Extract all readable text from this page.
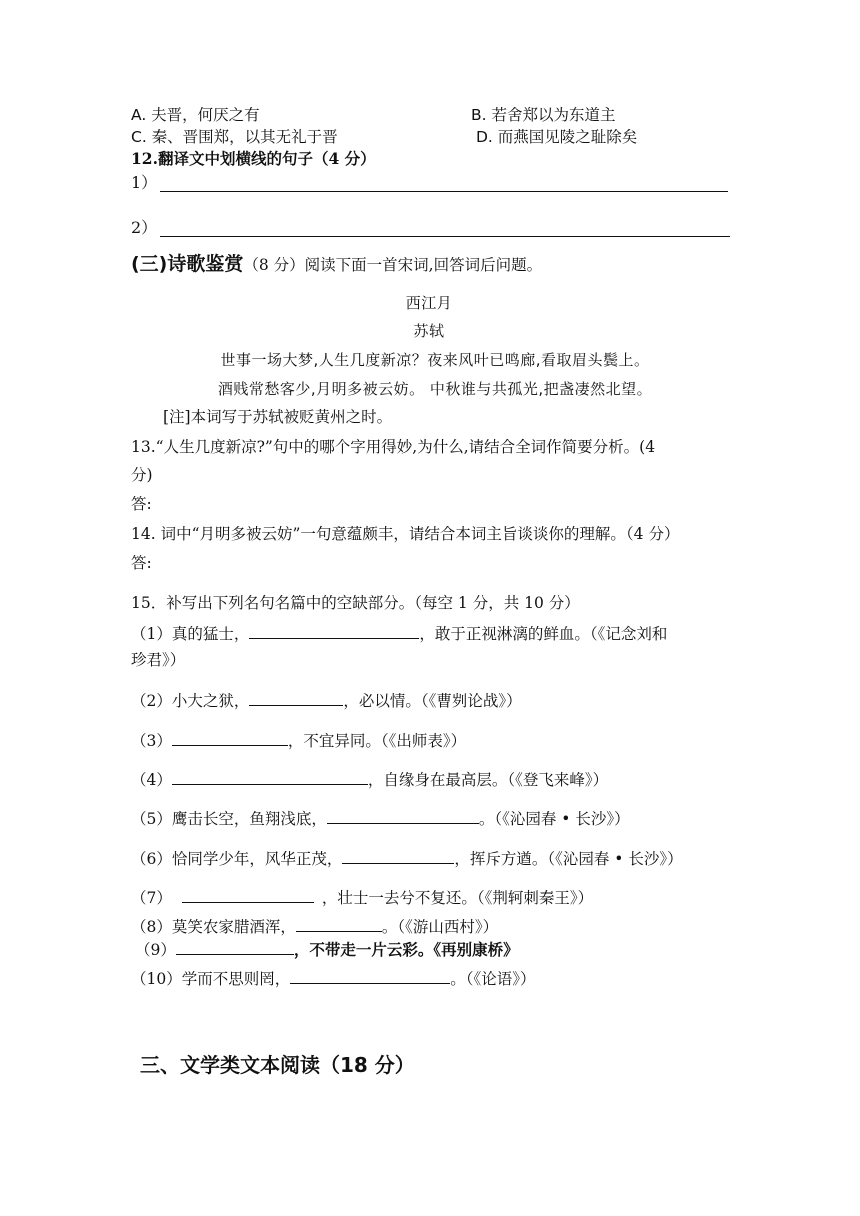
A. 夫晋，何厌之有	B. 若舍郑以为东道主
C. 秦、晋围郑，以其无礼于晋	D. 而燕国见陵之耻除矣
12.翻译文中划横线的句子（4 分）
1）
2）
(三)诗歌鉴赏（8 分）阅读下面一首宋词,回答词后问题。
西江月
苏轼
世事一场大梦,人生几度新凉？夜来风叶已鸣廊,看取眉头鬓上。
酒贱常愁客少,月明多被云妨。 中秋谁与共孤光,把盏凄然北望。
[注]本词写于苏轼被贬黄州之时。
13.“人生几度新凉?”句中的哪个字用得妙,为什么,请结合全词作简要分析。(4
分)
答:
14. 词中“月明多被云妨”一句意蕴颇丰，请结合本词主旨谈谈你的理解。（4 分）
答:
15．补写出下列名句名篇中的空缺部分。（每空 1 分，共 10 分）
（1）真的猛士，	，敢于正视淋漓的鲜血。（《记念刘和
珍君》）
（2）小大之狱，	，必以情。（《曹刿论战》）
（3）	，不宜异同。（《出师表》）
（4）	，自缘身在最高层。（《登飞来峰》）
（5）鹰击长空，鱼翔浅底，	。（《沁园春 • 长沙》）
（6）恰同学少年，风华正茂，	，挥斥方遒。（《沁园春 • 长沙》）
（7）	，壮士一去兮不复还。（《荆轲刺秦王》）
（8）莫笑农家腊酒浑，	。（《游山西村》）
（9）	，不带走一片云彩。《再别康桥》
（10）学而不思则罔，	。（《论语》）
三、文学类文本阅读（18 分）
